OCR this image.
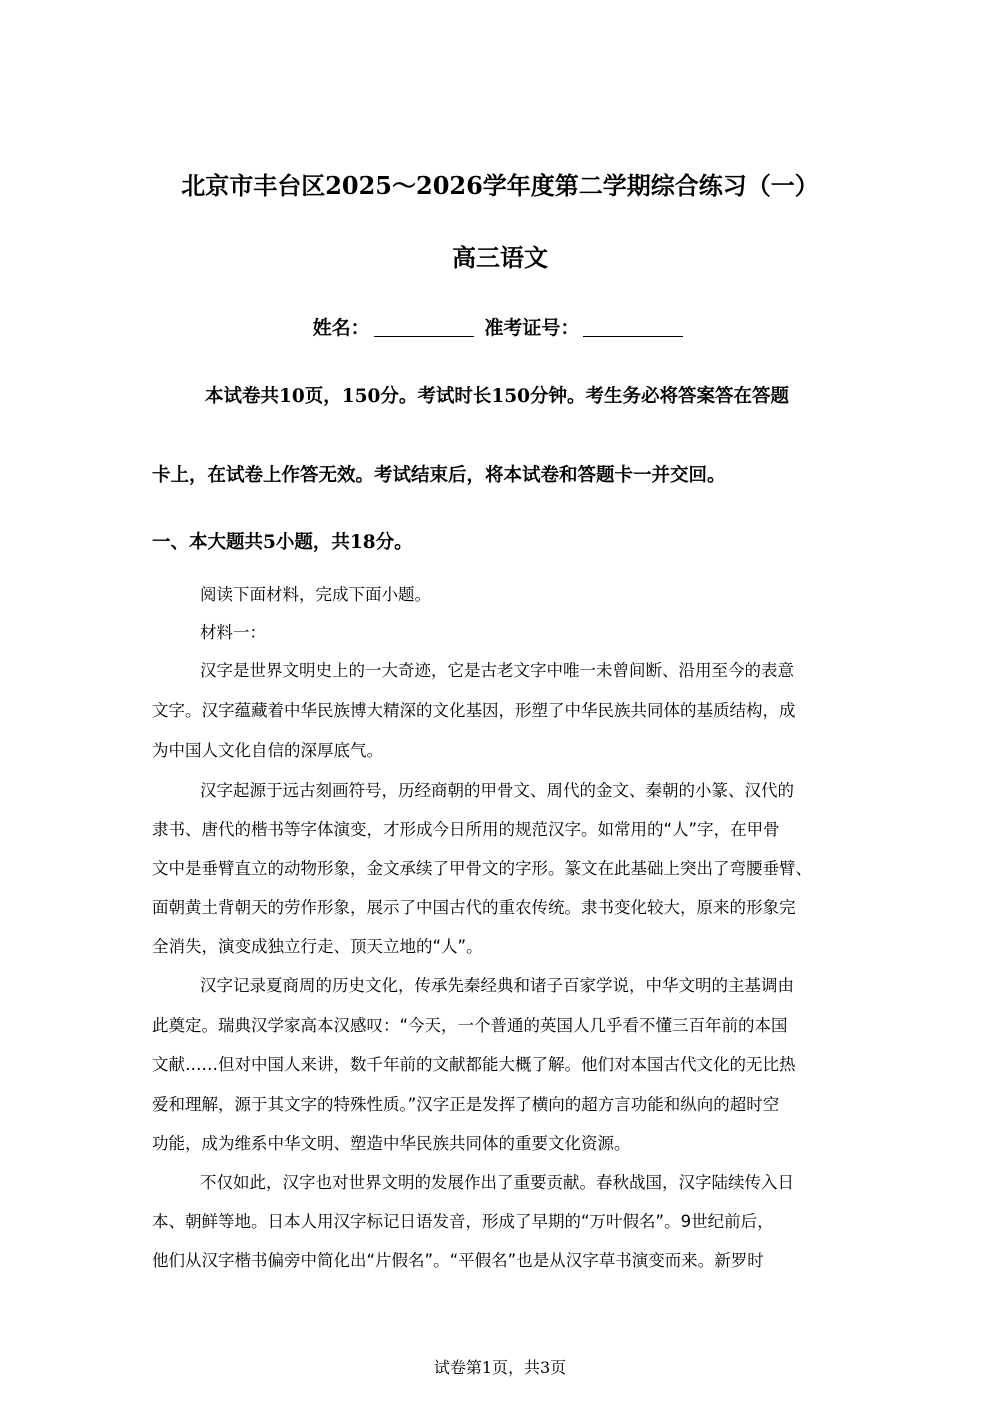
北京市丰台区2025～2026学年度第二学期综合练习（一）
高三语文
姓名：	准考证号：
本试卷共10页，150分。考试时长150分钟。考生务必将答案答在答题
卡上，在试卷上作答无效。考试结束后，将本试卷和答题卡一并交回。
一、本大题共5小题，共18分。
阅读下面材料，完成下面小题。
材料一：
汉字是世界文明史上的一大奇迹，它是古老文字中唯一未曾间断、沿用至今的表意
文字。汉字蕴藏着中华民族博大精深的文化基因，形塑了中华民族共同体的基质结构，成
为中国人文化自信的深厚底气。
汉字起源于远古刻画符号，历经商朝的甲骨文、周代的金文、秦朝的小篆、汉代的
隶书、唐代的楷书等字体演变，才形成今日所用的规范汉字。如常用的“人”字，在甲骨
文中是垂臂直立的动物形象，金文承续了甲骨文的字形。篆文在此基础上突出了弯腰垂臂、
面朝黄土背朝天的劳作形象，展示了中国古代的重农传统。隶书变化较大，原来的形象完
全消失，演变成独立行走、顶天立地的“人”。
汉字记录夏商周的历史文化，传承先秦经典和诸子百家学说，中华文明的主基调由
此奠定。瑞典汉学家高本汉感叹：“今天，一个普通的英国人几乎看不懂三百年前的本国
文献……但对中国人来讲，数千年前的文献都能大概了解。他们对本国古代文化的无比热
爱和理解，源于其文字的特殊性质。”汉字正是发挥了横向的超方言功能和纵向的超时空
功能，成为维系中华文明、塑造中华民族共同体的重要文化资源。
不仅如此，汉字也对世界文明的发展作出了重要贡献。春秋战国，汉字陆续传入日
本、朝鲜等地。日本人用汉字标记日语发音，形成了早期的“万叶假名”。9世纪前后，
他们从汉字楷书偏旁中简化出“片假名”。“平假名”也是从汉字草书演变而来。新罗时
试卷第1页，共3页
